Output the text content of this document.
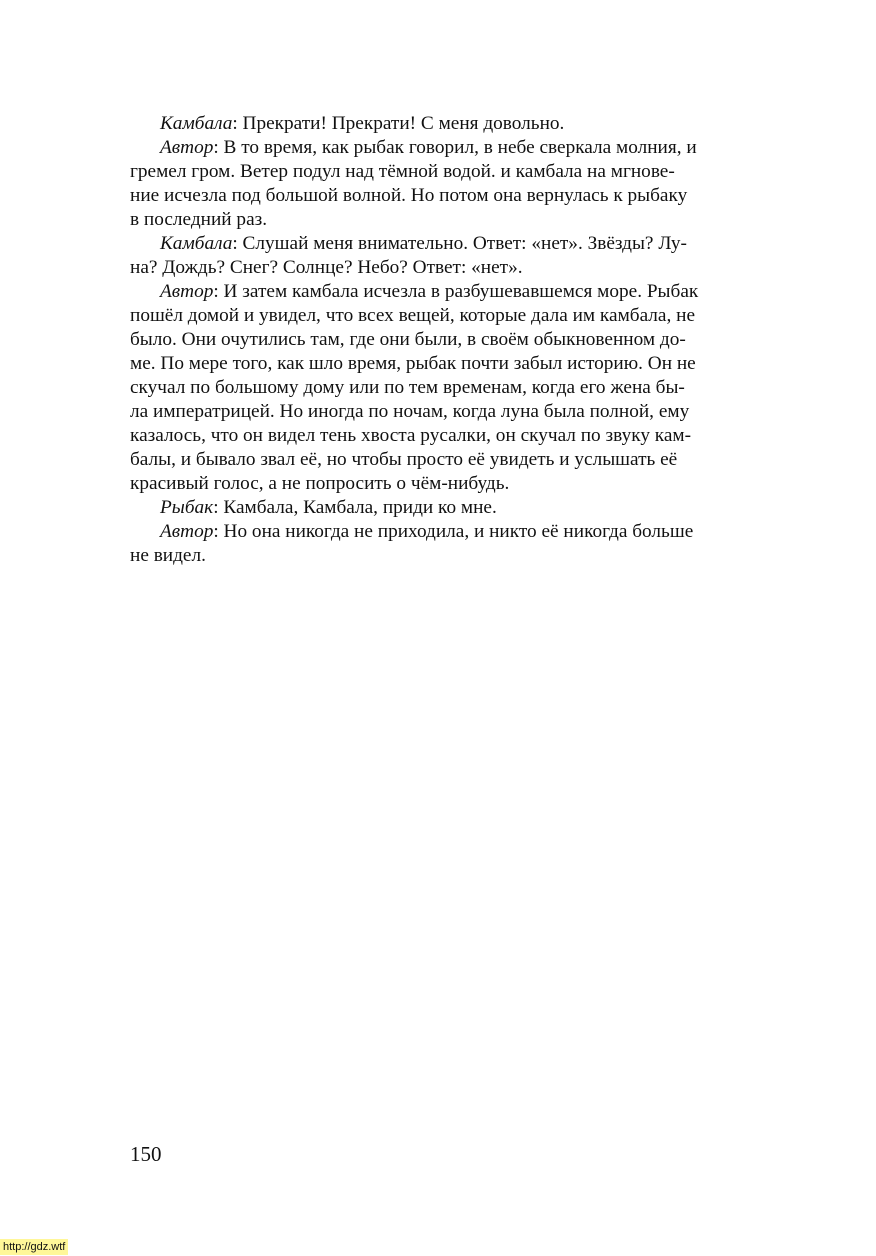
Камбала: Прекрати! Прекрати! С меня довольно.

Автор: В то время, как рыбак говорил, в небе сверкала молния, и
гремел гром. Ветер подул над тёмной водой. и камбала на мгнове-
ние исчезла под большой волной. Но потом она вернулась к рыбаку
в последний раз.

Камбала: Слушай меня внимательно. Ответ: «нет». Звёзды? Лу-
на? Дождь? Снег? Солнце? Небо? Ответ: «нет».

Автор: И затем камбала исчезла в разбушевавшемся море. Рыбак
пошёл домой и увидел, что всех вещей, которые дала им камбала, не
было. Они очутились там, где они были, в своём обыкновенном до-
ме. По мере того, как шло время, рыбак почти забыл историю. Он не
скучал по большому дому или по тем временам, когда его жена бы-
ла императрицей. Но иногда по ночам, когда луна была полной, ему
казалось, что он видел тень хвоста русалки, он скучал по звуку кам-
балы, и бывало звал её, но чтобы просто её увидеть и услышать её
красивый голос, а не попросить о чём-нибудь.

Рыбак: Камбала, Камбала, приди ко мне.

Автор: Но она никогда не приходила, и никто её никогда больше
не видел.

150
http://gdz.wtf
